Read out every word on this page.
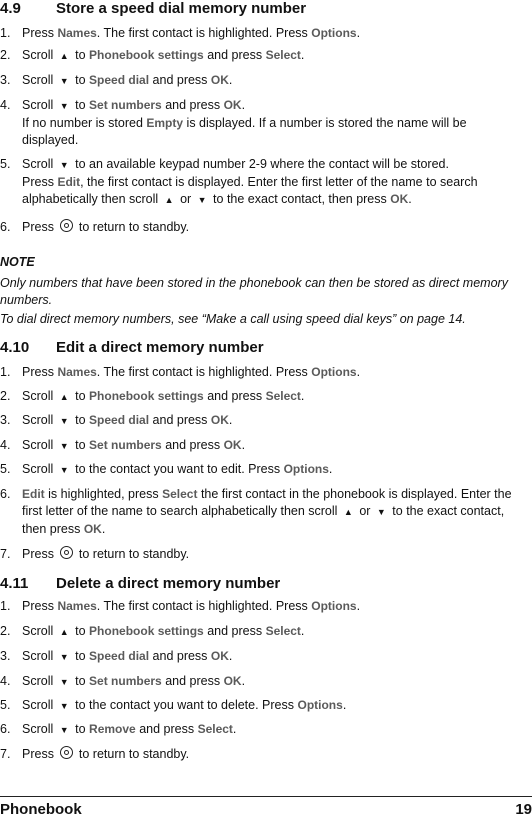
4.9	Store a speed dial memory number
1. Press Names. The first contact is highlighted. Press Options.
2. Scroll ▲ to Phonebook settings and press Select.
3. Scroll ▼ to Speed dial and press OK.
4. Scroll ▼ to Set numbers and press OK.
If no number is stored Empty is displayed. If a number is stored the name will be displayed.
5. Scroll ▼ to an available keypad number 2-9 where the contact will be stored.
Press Edit, the first contact is displayed. Enter the first letter of the name to search alphabetically then scroll ▲ or ▼ to the exact contact, then press OK.
6. Press  to return to standby.
NOTE
Only numbers that have been stored in the phonebook can then be stored as direct memory numbers.
To dial direct memory numbers, see “Make a call using speed dial keys” on page 14.
4.10	Edit a direct memory number
1. Press Names. The first contact is highlighted. Press Options.
2. Scroll ▲ to Phonebook settings and press Select.
3. Scroll ▼ to Speed dial and press OK.
4. Scroll ▼ to Set numbers and press OK.
5. Scroll ▼ to the contact you want to edit. Press Options.
6. Edit is highlighted, press Select the first contact in the phonebook is displayed. Enter the first letter of the name to search alphabetically then scroll ▲ or ▼ to the exact contact, then press OK.
7. Press  to return to standby.
4.11	Delete a direct memory number
1. Press Names. The first contact is highlighted. Press Options.
2. Scroll ▲ to Phonebook settings and press Select.
3. Scroll ▼ to Speed dial and press OK.
4. Scroll ▼ to Set numbers and press OK.
5. Scroll ▼ to the contact you want to delete. Press Options.
6. Scroll ▼ to Remove and press Select.
7. Press  to return to standby.
Phonebook	19
